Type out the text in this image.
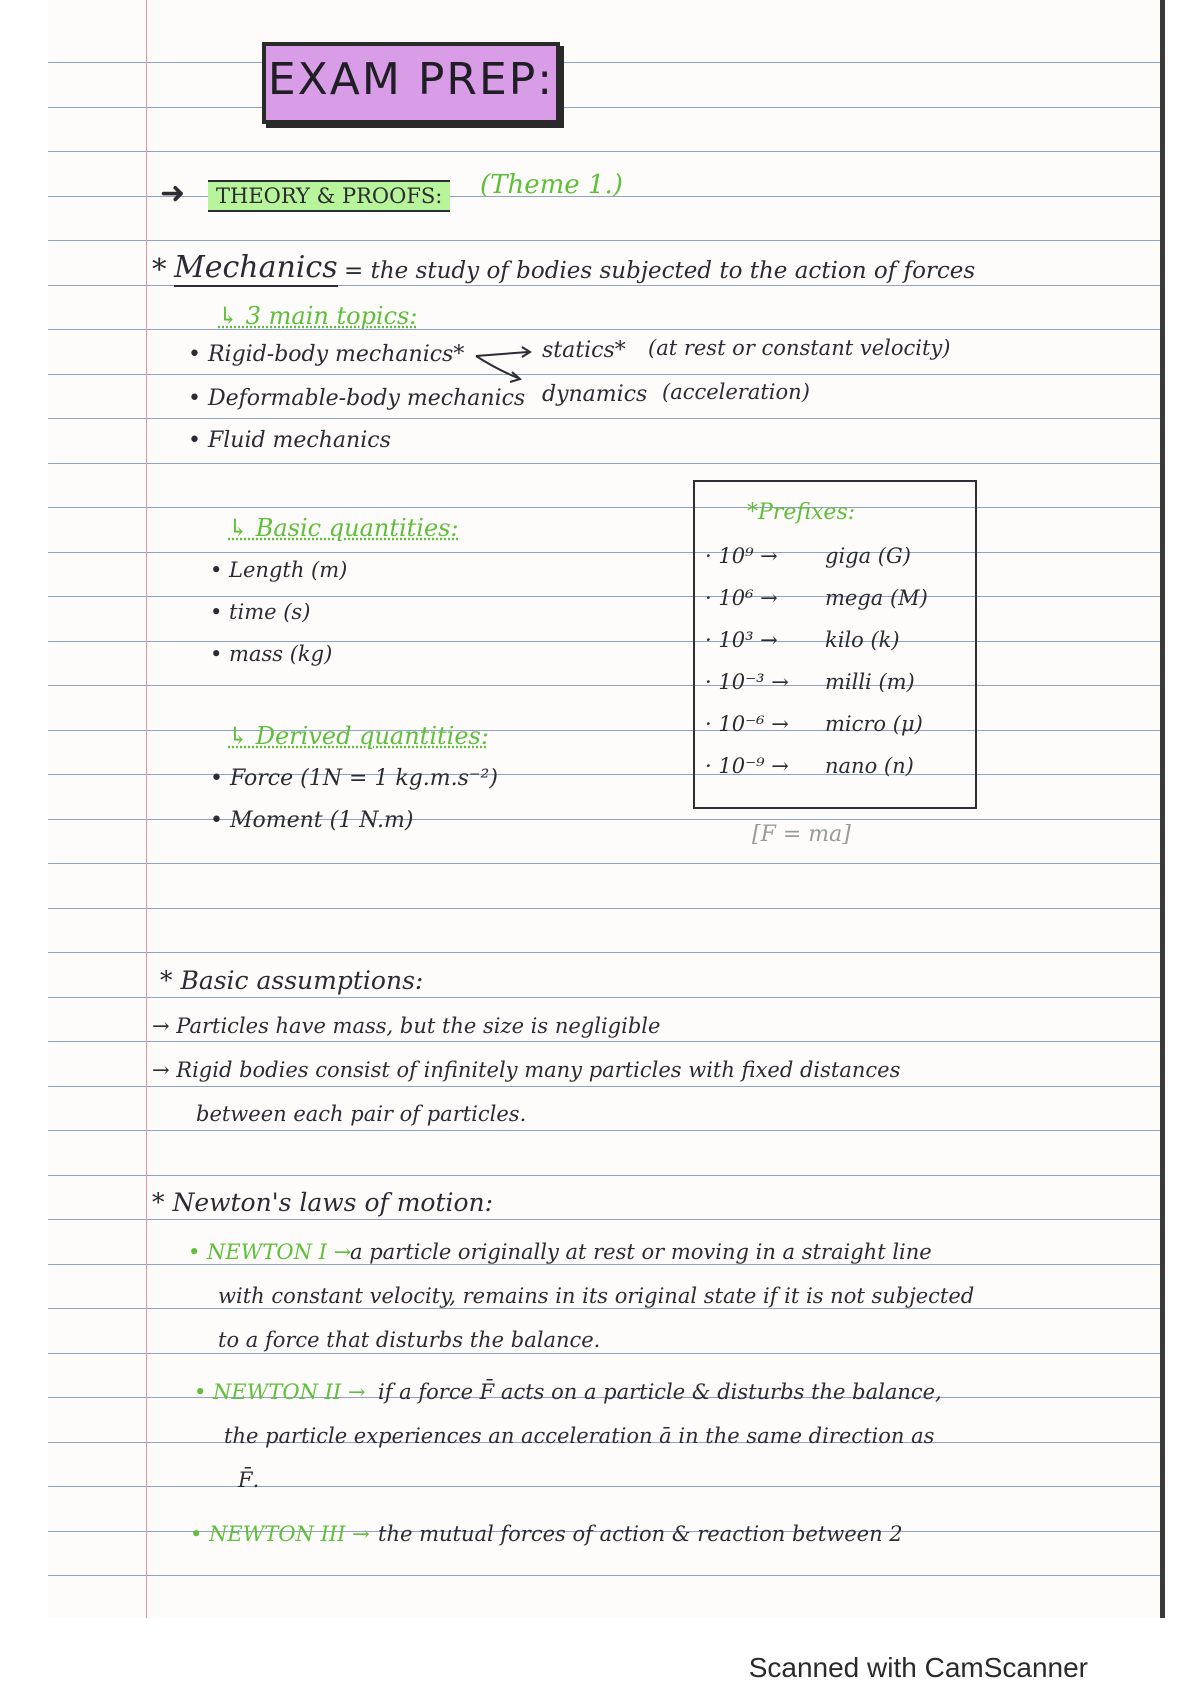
EXAM PREP:
➜	THEORY & PROOFS:	(Theme 1.)
* Mechanics = the study of bodies subjected to the action of forces
↳ 3 main topics:
• Rigid-body mechanics*
• Deformable-body mechanics
• Fluid mechanics
statics*
dynamics
(at rest or constant velocity)
(acceleration)
↳ Basic quantities:
• Length (m)
• time (s)
• mass (kg)
↳ Derived quantities:
• Force (1N = 1 kg.m.s⁻²)
• Moment (1 N.m)
*Prefixes:
· 10⁹ → giga (G)
· 10⁶ → mega (M)
· 10³ → kilo (k)
· 10⁻³ → milli (m)
· 10⁻⁶ → micro (μ)
· 10⁻⁹ → nano (n)
[F = ma]
* Basic assumptions:
→ Particles have mass, but the size is negligible
→ Rigid bodies consist of infinitely many particles with fixed distances
between each pair of particles.
* Newton's laws of motion:
• NEWTON I →
a particle originally at rest or moving in a straight line
with constant velocity, remains in its original state if it is not subjected
to a force that disturbs the balance.
• NEWTON II → if a force F̄ acts on a particle & disturbs the balance,
the particle experiences an acceleration ā in the same direction as
F̄.
• NEWTON III → the mutual forces of action & reaction between 2
Scanned with CamScanner
